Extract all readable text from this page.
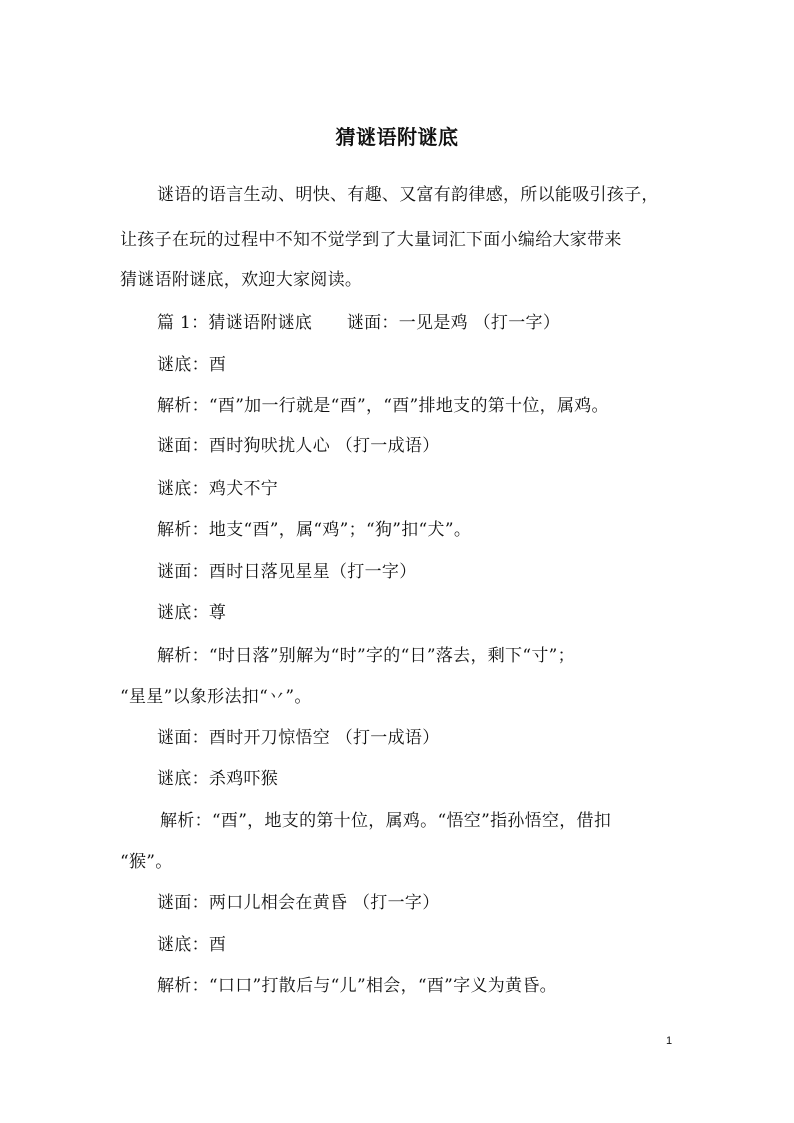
猜谜语附谜底
谜语的语言生动、明快、有趣、又富有韵律感，所以能吸引孩子，
让孩子在玩的过程中不知不觉学到了大量词汇下面小编给大家带来
猜谜语附谜底，欢迎大家阅读。
篇 1：猜谜语附谜底　　谜面：一见是鸡 （打一字）
谜底：酉
解析：“酉”加一行就是“酉”，“酉”排地支的第十位，属鸡。
谜面：酉时狗吠扰人心 （打一成语）
谜底：鸡犬不宁
解析：地支“酉”，属“鸡”；“狗”扣“犬”。
谜面：酉时日落见星星（打一字）
谜底：尊
解析：“时日落”别解为“时”字的“日”落去，剩下“寸”；
“星星”以象形法扣“丷”。
谜面：酉时开刀惊悟空 （打一成语）
谜底：杀鸡吓猴
解析：“酉”，地支的第十位，属鸡。“悟空”指孙悟空，借扣
“猴”。
谜面：两口儿相会在黄昏 （打一字）
谜底：酉
解析：“口口”打散后与“儿”相会，“酉”字义为黄昏。
1
